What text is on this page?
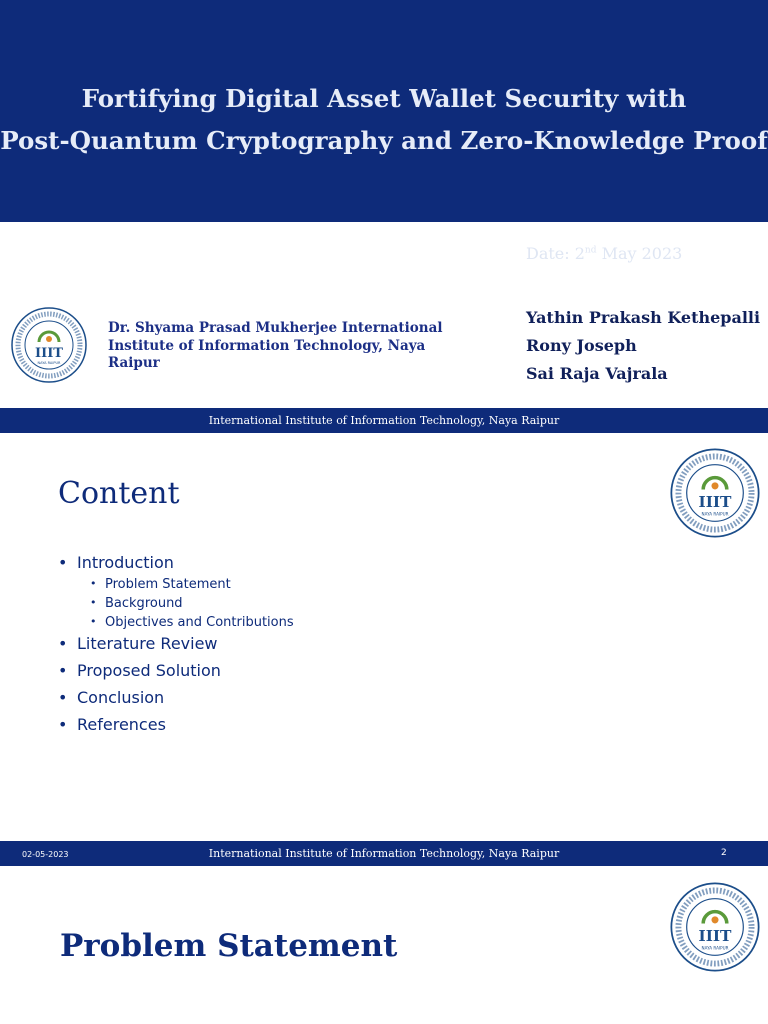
Fortifying Digital Asset Wallet Security with
Post-Quantum Cryptography and Zero-Knowledge Proof
Date: 2nd May 2023
IIIT
NAYA RAIPUR
Dr. Shyama Prasad Mukherjee International Institute of Information Technology, Naya Raipur
Yathin Prakash Kethepalli
Rony Joseph
Sai Raja Vajrala
International Institute of Information Technology, Naya Raipur
IIIT
NAYA RAIPUR
Content
• Introduction
• Problem Statement
• Background
• Objectives and Contributions
• Literature Review
• Proposed Solution
• Conclusion
• References
02-05-2023	International Institute of Information Technology, Naya Raipur	2
IIIT
NAYA RAIPUR
Problem Statement
